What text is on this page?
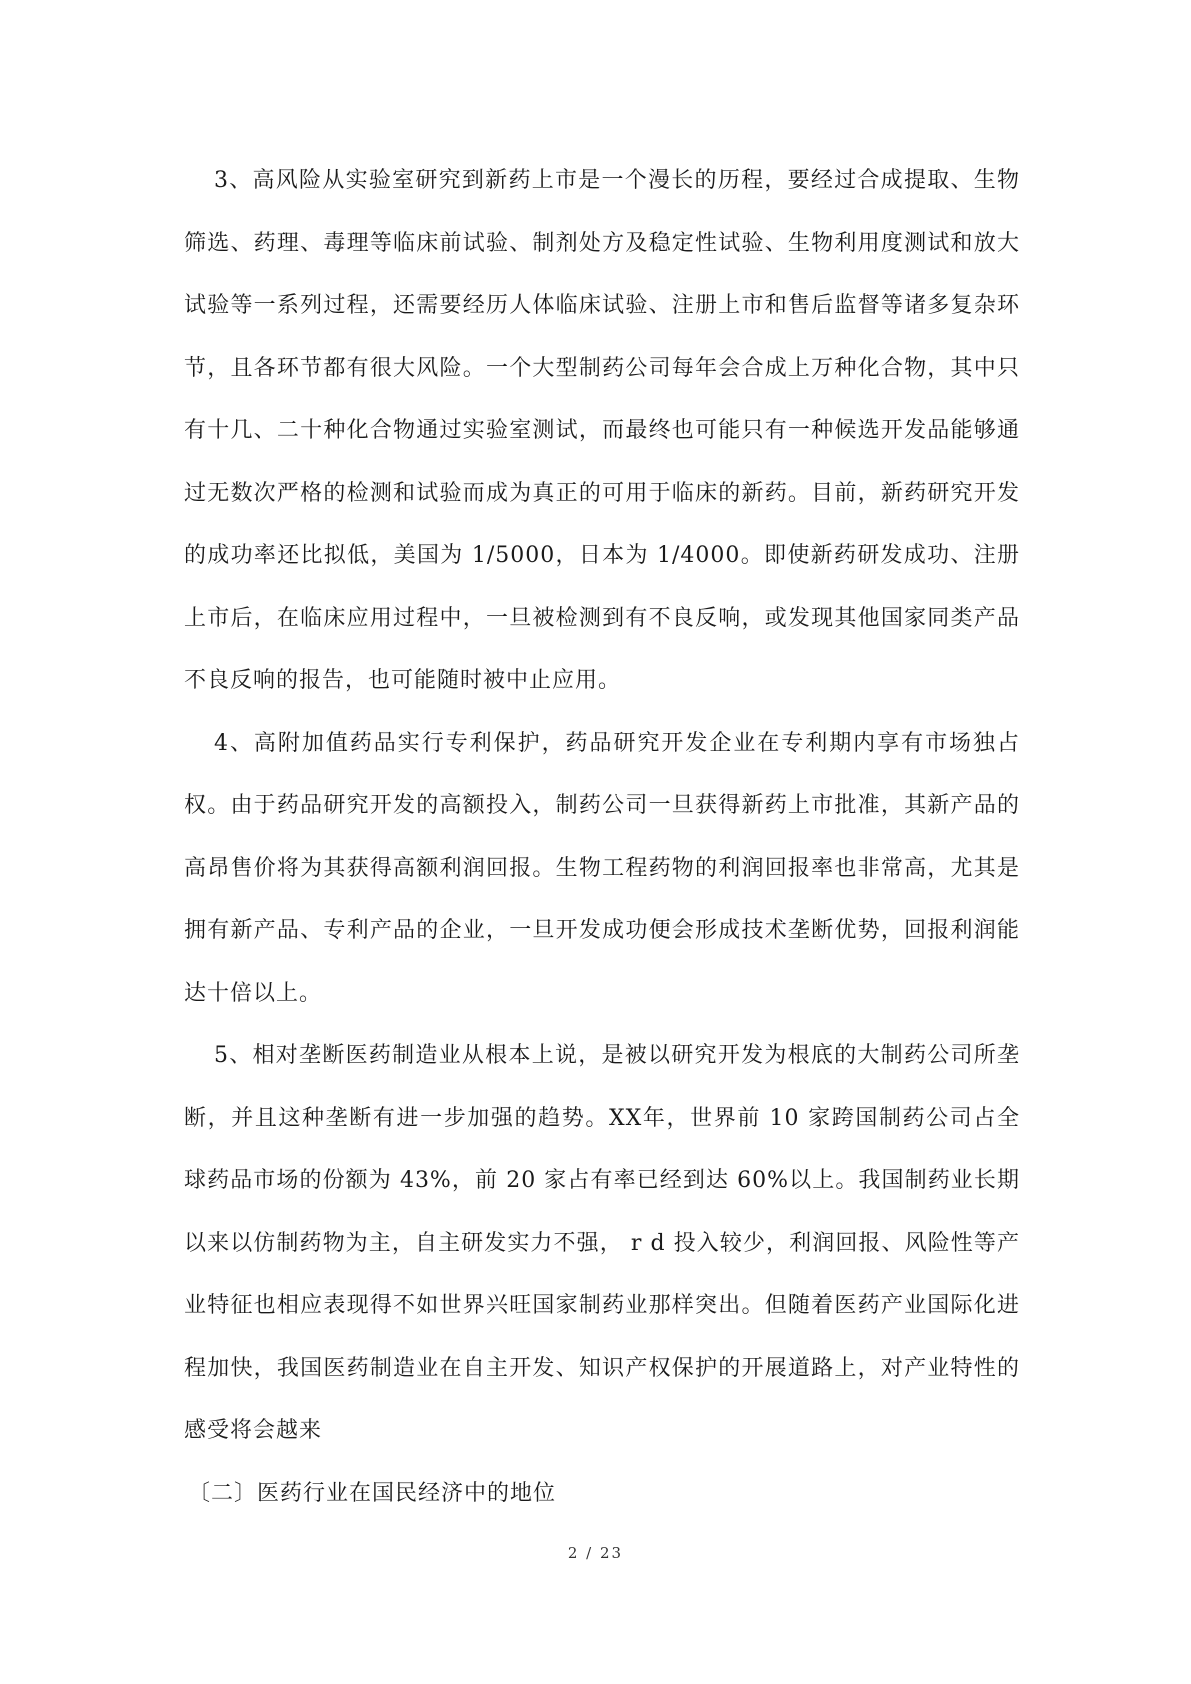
3、高风险从实验室研究到新药上市是一个漫长的历程，要经过合成提取、生物筛选、药理、毒理等临床前试验、制剂处方及稳定性试验、生物利用度测试和放大试验等一系列过程，还需要经历人体临床试验、注册上市和售后监督等诸多复杂环节，且各环节都有很大风险。一个大型制药公司每年会合成上万种化合物，其中只有十几、二十种化合物通过实验室测试，而最终也可能只有一种候选开发品能够通过无数次严格的检测和试验而成为真正的可用于临床的新药。目前，新药研究开发的成功率还比拟低，美国为 1/5000，日本为 1/4000。即使新药研发成功、注册上市后，在临床应用过程中，一旦被检测到有不良反响，或发现其他国家同类产品不良反响的报告，也可能随时被中止应用。

4、高附加值药品实行专利保护，药品研究开发企业在专利期内享有市场独占权。由于药品研究开发的高额投入，制药公司一旦获得新药上市批准，其新产品的高昂售价将为其获得高额利润回报。生物工程药物的利润回报率也非常高，尤其是拥有新产品、专利产品的企业，一旦开发成功便会形成技术垄断优势，回报利润能达十倍以上。

5、相对垄断医药制造业从根本上说，是被以研究开发为根底的大制药公司所垄断，并且这种垄断有进一步加强的趋势。XX年，世界前 10 家跨国制药公司占全球药品市场的份额为 43%，前 20 家占有率已经到达 60%以上。我国制药业长期以来以仿制药物为主，自主研发实力不强， r d 投入较少，利润回报、风险性等产业特征也相应表现得不如世界兴旺国家制药业那样突出。但随着医药产业国际化进程加快，我国医药制造业在自主开发、知识产权保护的开展道路上，对产业特性的感受将会越来

〔二〕医药行业在国民经济中的地位

2 / 23
